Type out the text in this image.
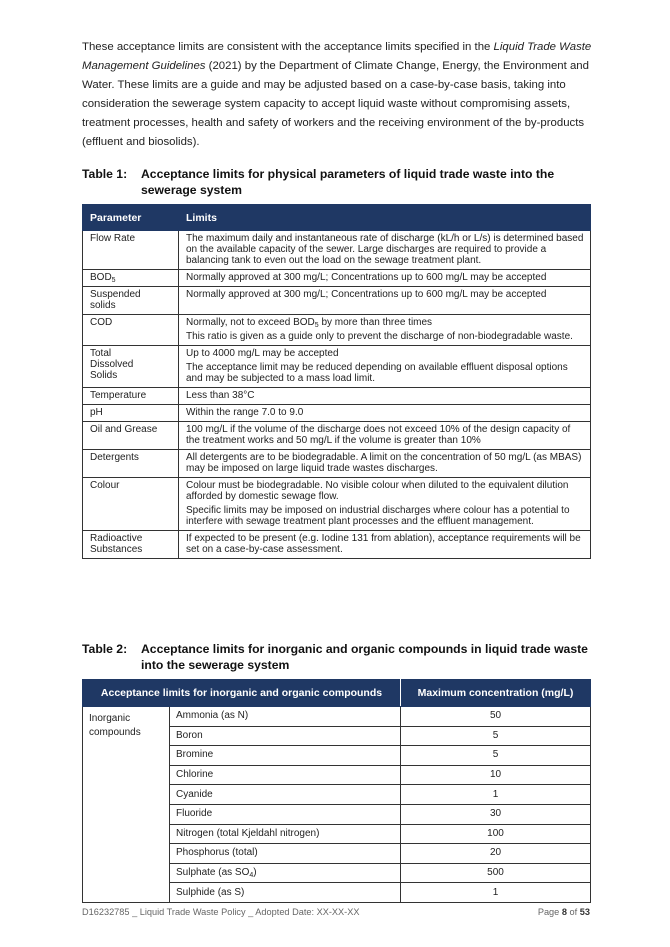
These acceptance limits are consistent with the acceptance limits specified in the Liquid Trade Waste Management Guidelines (2021) by the Department of Climate Change, Energy, the Environment and Water. These limits are a guide and may be adjusted based on a case-by-case basis, taking into consideration the sewerage system capacity to accept liquid waste without compromising assets, treatment processes, health and safety of workers and the receiving environment of the by-products (effluent and biosolids).

Table 1:	Acceptance limits for physical parameters of liquid trade waste into the sewerage system
Parameter	Limits
Flow Rate	The maximum daily and instantaneous rate of discharge (kL/h or L/s) is determined based on the available capacity of the sewer. Large discharges are required to provide a balancing tank to even out the load on the sewage treatment plant.
$BOD_5$	Normally approved at 300 mg/L; Concentrations up to 600 mg/L may be accepted
Suspended solids	Normally approved at 300 mg/L; Concentrations up to 600 mg/L may be accepted
COD	Normally, not to exceed $BOD_5$ by more than three times

This ratio is given as a guide only to prevent the discharge of non-biodegradable waste.

Total Dissolved Solids	Up to 4000 mg/L may be accepted

The acceptance limit may be reduced depending on available effluent disposal options and may be subjected to a mass load limit.

Temperature	Less than 38°C
pH	Within the range 7.0 to 9.0
Oil and Grease	100 mg/L if the volume of the discharge does not exceed 10% of the design capacity of the treatment works and 50 mg/L if the volume is greater than 10%
Detergents	All detergents are to be biodegradable. A limit on the concentration of 50 mg/L (as MBAS) may be imposed on large liquid trade wastes discharges.
Colour	Colour must be biodegradable. No visible colour when diluted to the equivalent dilution afforded by domestic sewage flow.

Specific limits may be imposed on industrial discharges where colour has a potential to interfere with sewage treatment plant processes and the effluent management.

Radioactive Substances	If expected to be present (e.g. Iodine 131 from ablation), acceptance requirements will be set on a case-by-case assessment.
Table 2:	Acceptance limits for inorganic and organic compounds in liquid trade waste into the sewerage system
Acceptance limits for inorganic and organic compounds		Maximum concentration (mg/L)
Inorganic compounds	Ammonia (as N)	50
	Boron	5
	Bromine	5
	Chlorine	10
	Cyanide	1
	Fluoride	30
	Nitrogen (total Kjeldahl nitrogen)	100
	Phosphorus (total)	20
	Sulphate (as $SO_4$)	500
	Sulphide (as S)	1
D16232785 _ Liquid Trade Waste Policy _ Adopted Date: XX-XX-XX	Page 8 of 53
